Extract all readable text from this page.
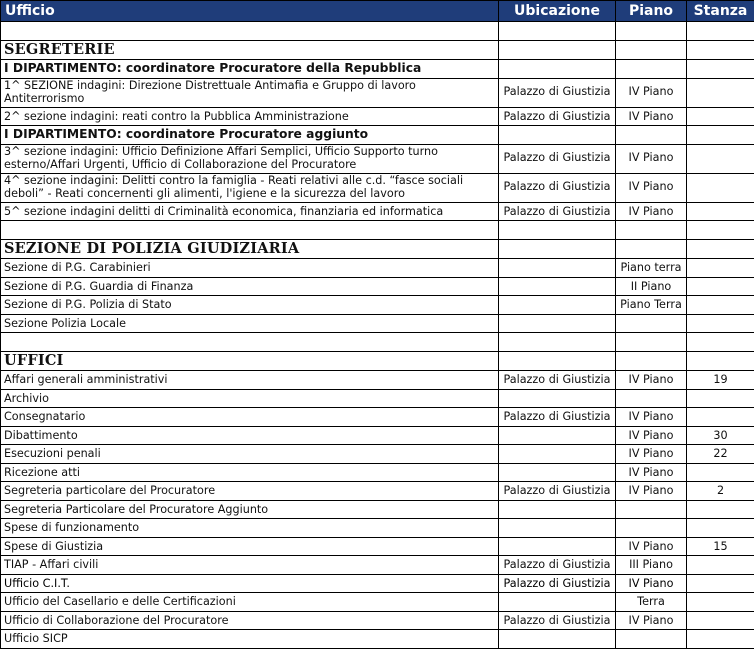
Ufficio	Ubicazione	Piano	Stanza

SEGRETERIE			
I DIPARTIMENTO: coordinatore Procuratore della Repubblica			
1^ SEZIONE indagini: Direzione Distrettuale Antimafia e Gruppo di lavoro Antiterrorismo	Palazzo di Giustizia	IV Piano	
2^ sezione indagini: reati contro la Pubblica Amministrazione	Palazzo di Giustizia	IV Piano	
I DIPARTIMENTO: coordinatore Procuratore aggiunto			
3^ sezione indagini: Ufficio Definizione Affari Semplici, Ufficio Supporto turno esterno/Affari Urgenti, Ufficio di Collaborazione del Procuratore	Palazzo di Giustizia	IV Piano	
4^ sezione indagini: Delitti contro la famiglia - Reati relativi alle c.d. “fasce sociali deboli” - Reati concernenti gli alimenti, l'igiene e la sicurezza del lavoro	Palazzo di Giustizia	IV Piano	
5^ sezione indagini delitti di Criminalità economica, finanziaria ed informatica	Palazzo di Giustizia	IV Piano	

SEZIONE DI POLIZIA GIUDIZIARIA			
Sezione di P.G. Carabinieri		Piano terra	
Sezione di P.G. Guardia di Finanza		II Piano	
Sezione di P.G. Polizia di Stato		Piano Terra	
Sezione Polizia Locale			

UFFICI			
Affari generali amministrativi	Palazzo di Giustizia	IV Piano	19
Archivio			
Consegnatario	Palazzo di Giustizia	IV Piano	
Dibattimento		IV Piano	30
Esecuzioni penali		IV Piano	22
Ricezione atti		IV Piano	
Segreteria particolare del Procuratore	Palazzo di Giustizia	IV Piano	2
Segreteria Particolare del Procuratore Aggiunto			
Spese di funzionamento			
Spese di Giustizia		IV Piano	15
TIAP - Affari civili	Palazzo di Giustizia	III Piano	
Ufficio C.I.T.	Palazzo di Giustizia	IV Piano	
Ufficio del Casellario e delle Certificazioni		Terra	
Ufficio di Collaborazione del Procuratore	Palazzo di Giustizia	IV Piano	
Ufficio SICP			
